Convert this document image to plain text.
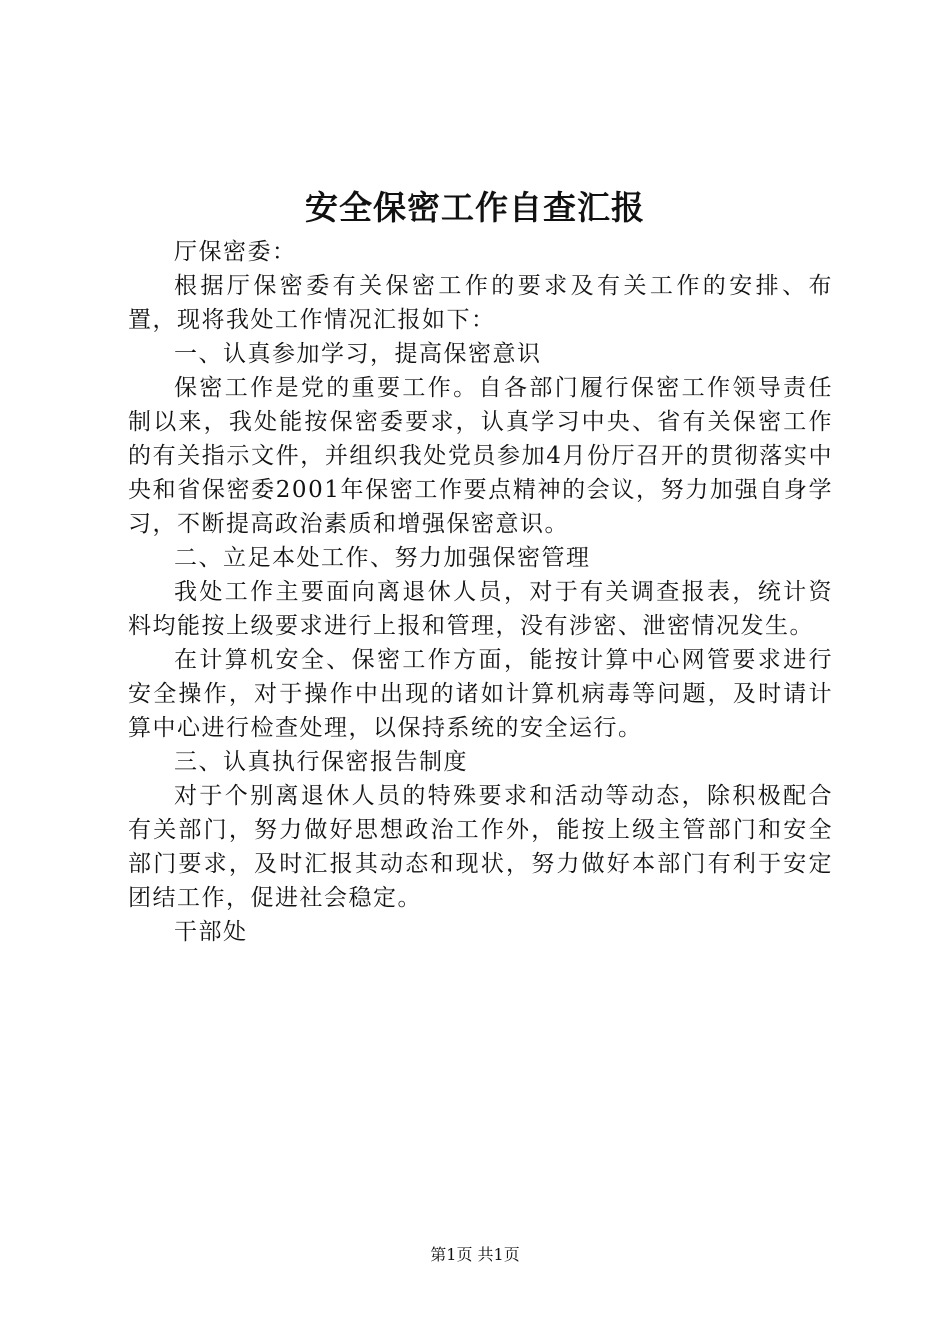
安全保密工作自查汇报

厅保密委：

根据厅保密委有关保密工作的要求及有关工作的安排、布置，现将我处工作情况汇报如下：

一、认真参加学习，提高保密意识

保密工作是党的重要工作。自各部门履行保密工作领导责任制以来，我处能按保密委要求，认真学习中央、省有关保密工作的有关指示文件，并组织我处党员参加4月份厅召开的贯彻落实中央和省保密委2001年保密工作要点精神的会议，努力加强自身学习，不断提高政治素质和增强保密意识。

二、立足本处工作、努力加强保密管理

我处工作主要面向离退休人员，对于有关调查报表，统计资料均能按上级要求进行上报和管理，没有涉密、泄密情况发生。

在计算机安全、保密工作方面，能按计算中心网管要求进行安全操作，对于操作中出现的诸如计算机病毒等问题，及时请计算中心进行检查处理，以保持系统的安全运行。

三、认真执行保密报告制度

对于个别离退休人员的特殊要求和活动等动态，除积极配合有关部门，努力做好思想政治工作外，能按上级主管部门和安全部门要求，及时汇报其动态和现状，努力做好本部门有利于安定团结工作，促进社会稳定。

干部处

第1页 共1页
